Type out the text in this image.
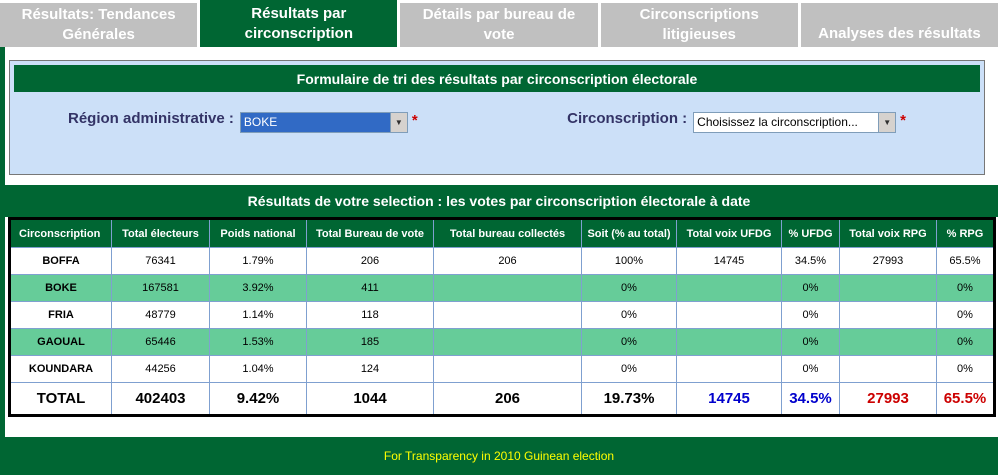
Résultats: Tendances Générales
Résultats par circonscription
Détails par bureau de vote
Circonscriptions litigieuses	Analyses des résultats
Formulaire de tri des résultats par circonscription électorale
Région administrative : BOKE	▼ *	Circonscription : Choisissez la circonscription...	▼ *
Résultats de votre selection : les votes par circonscription électorale à date
Circonscription	Total électeurs	Poids national	Total Bureau de vote	Total bureau collectés	Soit (% au total)	Total voix UFDG	% UFDG	Total voix RPG	% RPG
BOFFA	76341	1.79%	206	206	100%	14745	34.5%	27993	65.5%
BOKE	167581	3.92%	411		0%		0%		0%
FRIA	48779	1.14%	118		0%		0%		0%
GAOUAL	65446	1.53%	185		0%		0%		0%
KOUNDARA	44256	1.04%	124		0%		0%		0%
TOTAL	402403	9.42%	1044	206	19.73%	14745	34.5%	27993	65.5%
For Transparency in 2010 Guinean election
